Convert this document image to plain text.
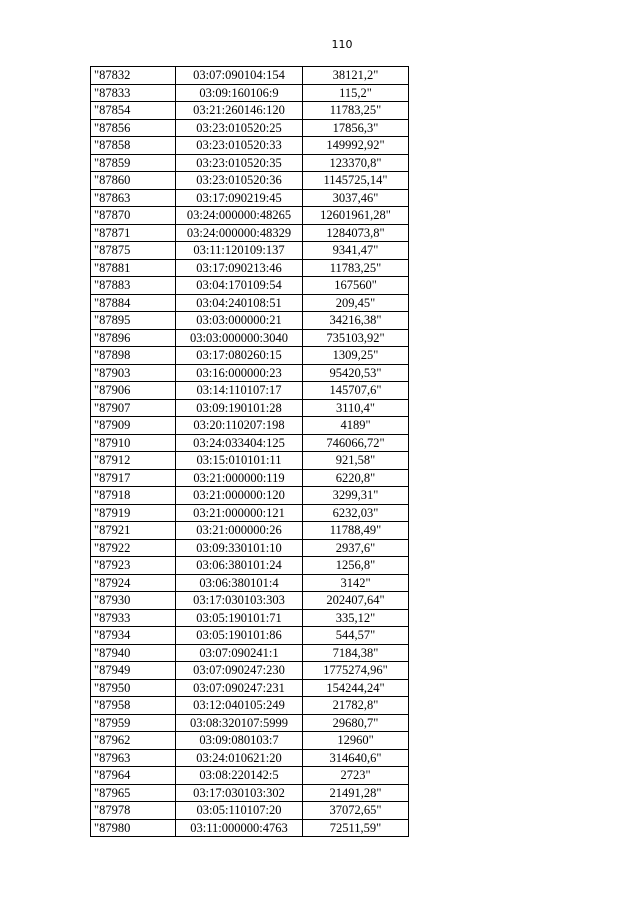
110
"87832	03:07:090104:154	38121,2"
"87833	03:09:160106:9	115,2"
"87854	03:21:260146:120	11783,25"
"87856	03:23:010520:25	17856,3"
"87858	03:23:010520:33	149992,92"
"87859	03:23:010520:35	123370,8"
"87860	03:23:010520:36	1145725,14"
"87863	03:17:090219:45	3037,46"
"87870	03:24:000000:48265	12601961,28"
"87871	03:24:000000:48329	1284073,8"
"87875	03:11:120109:137	9341,47"
"87881	03:17:090213:46	11783,25"
"87883	03:04:170109:54	167560"
"87884	03:04:240108:51	209,45"
"87895	03:03:000000:21	34216,38"
"87896	03:03:000000:3040	735103,92"
"87898	03:17:080260:15	1309,25"
"87903	03:16:000000:23	95420,53"
"87906	03:14:110107:17	145707,6"
"87907	03:09:190101:28	3110,4"
"87909	03:20:110207:198	4189"
"87910	03:24:033404:125	746066,72"
"87912	03:15:010101:11	921,58"
"87917	03:21:000000:119	6220,8"
"87918	03:21:000000:120	3299,31"
"87919	03:21:000000:121	6232,03"
"87921	03:21:000000:26	11788,49"
"87922	03:09:330101:10	2937,6"
"87923	03:06:380101:24	1256,8"
"87924	03:06:380101:4	3142"
"87930	03:17:030103:303	202407,64"
"87933	03:05:190101:71	335,12"
"87934	03:05:190101:86	544,57"
"87940	03:07:090241:1	7184,38"
"87949	03:07:090247:230	1775274,96"
"87950	03:07:090247:231	154244,24"
"87958	03:12:040105:249	21782,8"
"87959	03:08:320107:5999	29680,7"
"87962	03:09:080103:7	12960"
"87963	03:24:010621:20	314640,6"
"87964	03:08:220142:5	2723"
"87965	03:17:030103:302	21491,28"
"87978	03:05:110107:20	37072,65"
"87980	03:11:000000:4763	72511,59"
